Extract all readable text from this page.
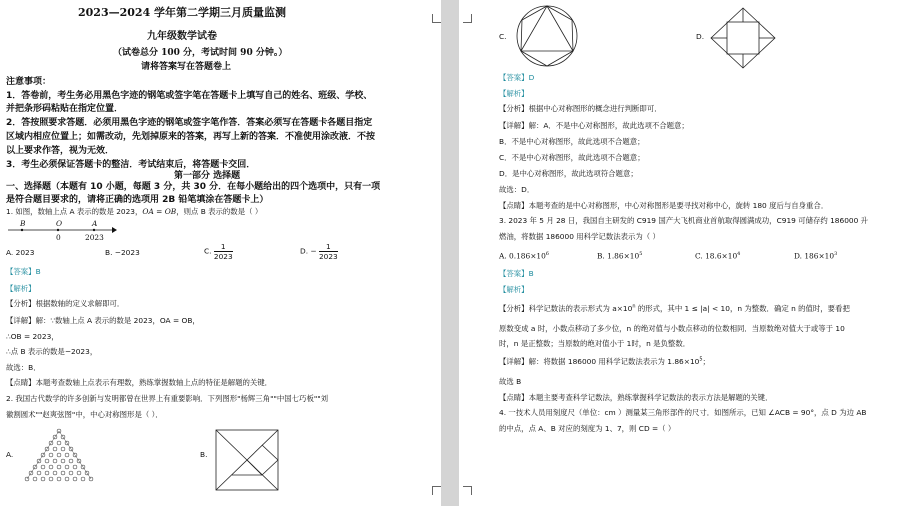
2023—2024 学年第二学期三月质量监测
九年级数学试卷
（试卷总分 100 分，考试时间 90 分钟。）
请将答案写在答题卷上
注意事项：
1．答卷前，考生务必用黑色字迹的钢笔或签字笔在答题卡上填写自己的姓名、班级、学校、
并把条形码粘贴在指定位置．
2．答按照要求答题．必须用黑色字迹的钢笔或签字笔作答．答案必须写在答题卡各题目指定
区域内相应位置上；如需改动，先划掉原来的答案，再写上新的答案．不准使用涂改液．不按
以上要求作答，视为无效．
3．考生必须保证答题卡的整洁．考试结束后，将答题卡交回．
第一部分 选择题
一、选择题（本题有 10 小题，每题 3 分，共 30 分．在每小题给出的四个选项中，只有一项
是符合题目要求的，请将正确的选项用 2B 铅笔填涂在答题卡上）
1. 如图，数轴上点 A 表示的数是 2023，OA = OB，则点 B 表示的数是（ ）
B	O	A
0	2023
A. 2023	B. −2023	C. $\frac{1}{2023}$	D. − $\frac{1}{2023}$
【答案】B
【解析】
【分析】根据数轴的定义求解即可．
【详解】解：∵数轴上点 A 表示的数是 2023，OA = OB，
∴OB = 2023，
∴点 B 表示的数是−2023，
故选：B．
【点睛】本题考查数轴上点表示有理数，熟练掌握数轴上点的特征是解题的关键．
2. 我国古代数学的许多创新与发明都曾在世界上有重要影响．下列图形"杨辉三角""中国七巧板""刘
徽割圆术""赵爽弦图"中，中心对称图形是（ ）．
A.	B.
C.	D.
【答案】D
【解析】
【分析】根据中心对称图形的概念进行判断即可．
【详解】解：A．不是中心对称图形，故此选项不合题意；
B．不是中心对称图形，故此选项不合题意；
C．不是中心对称图形，故此选项不合题意；
D．是中心对称图形，故此选项符合题意；
故选：D．
【点睛】本题考查的是中心对称图形，中心对称图形是要寻找对称中心，旋转 180 度后与自身重合．
3. 2023 年 5 月 28 日，我国自主研发的 C919 国产大飞机商业首航取得圆满成功，C919 可储存约 186000 升
燃油，将数据 186000 用科学记数法表示为（ ）
A. $0.186\times 10^6$	B. $1.86\times 10^5$	C. $18.6\times 10^4$	D. $186\times 10^3$
【答案】B
【解析】
【分析】科学记数法的表示形式为 $a\times 10^n$ 的形式，其中 1 ≤ |a| < 10，n 为整数．确定 n 的值时，要看把
原数变成 a 时，小数点移动了多少位，n 的绝对值与小数点移动的位数相同．当原数绝对值大于或等于 10
时，n 是正整数；当原数的绝对值小于 1时，n 是负整数．
【详解】解：将数据 186000 用科学记数法表示为 $1.86\times 10^5$；
故选 B
【点睛】本题主要考查科学记数法，熟练掌握科学记数法的表示方法是解题的关键．
4. 一技术人员用刻度尺（单位：cm ）测量某三角形部件的尺寸．如图所示，已知 ∠ACB = 90°，点 D 为边 AB
的中点，点 A、B 对应的刻度为 1、7，则 CD =（ ）
